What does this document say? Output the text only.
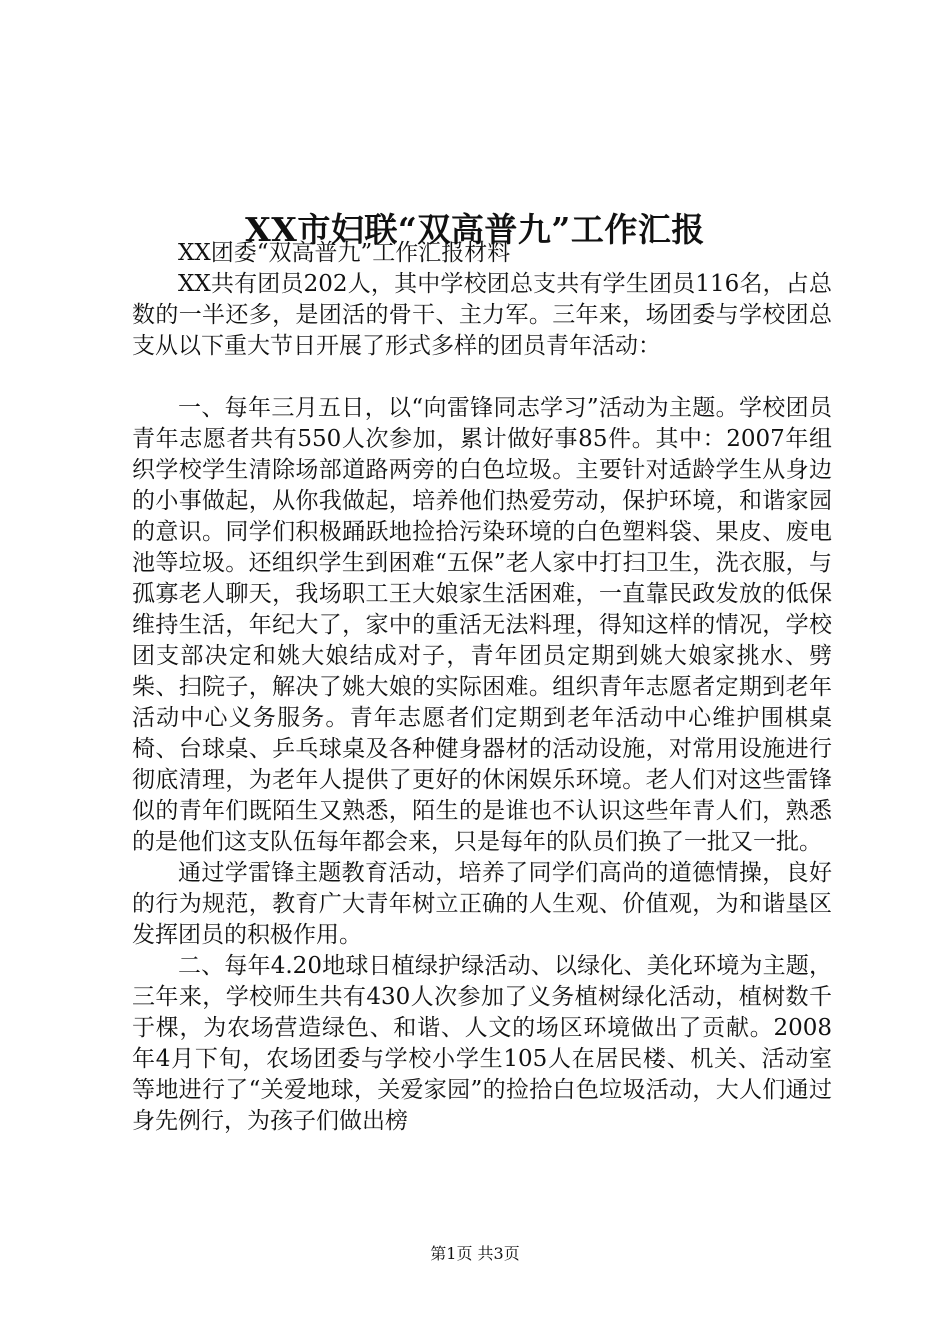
XX市妇联“双高普九”工作汇报

XX团委“双高普九”工作汇报材料

XX共有团员202人，其中学校团总支共有学生团员116名，占总数的一半还多，是团活的骨干、主力军。三年来，场团委与学校团总支从以下重大节日开展了形式多样的团员青年活动：

一、每年三月五日，以“向雷锋同志学习”活动为主题。学校团员青年志愿者共有550人次参加，累计做好事85件。其中：2007年组织学校学生清除场部道路两旁的白色垃圾。主要针对适龄学生从身边的小事做起，从你我做起，培养他们热爱劳动，保护环境，和谐家园的意识。同学们积极踊跃地捡拾污染环境的白色塑料袋、果皮、废电池等垃圾。还组织学生到困难“五保”老人家中打扫卫生，洗衣服，与孤寡老人聊天，我场职工王大娘家生活困难，一直靠民政发放的低保维持生活，年纪大了，家中的重活无法料理，得知这样的情况，学校团支部决定和姚大娘结成对子，青年团员定期到姚大娘家挑水、劈柴、扫院子，解决了姚大娘的实际困难。组织青年志愿者定期到老年活动中心义务服务。青年志愿者们定期到老年活动中心维护围棋桌椅、台球桌、乒乓球桌及各种健身器材的活动设施，对常用设施进行彻底清理，为老年人提供了更好的休闲娱乐环境。老人们对这些雷锋似的青年们既陌生又熟悉，陌生的是谁也不认识这些年青人们，熟悉的是他们这支队伍每年都会来，只是每年的队员们换了一批又一批。

通过学雷锋主题教育活动，培养了同学们高尚的道德情操，良好的行为规范，教育广大青年树立正确的人生观、价值观，为和谐垦区发挥团员的积极作用。

二、每年4.20地球日植绿护绿活动、以绿化、美化环境为主题，三年来，学校师生共有430人次参加了义务植树绿化活动，植树数千于棵，为农场营造绿色、和谐、人文的场区环境做出了贡献。2008年4月下旬，农场团委与学校小学生105人在居民楼、机关、活动室等地进行了“关爱地球，关爱家园”的捡拾白色垃圾活动，大人们通过身先例行，为孩子们做出榜

第1页 共3页
